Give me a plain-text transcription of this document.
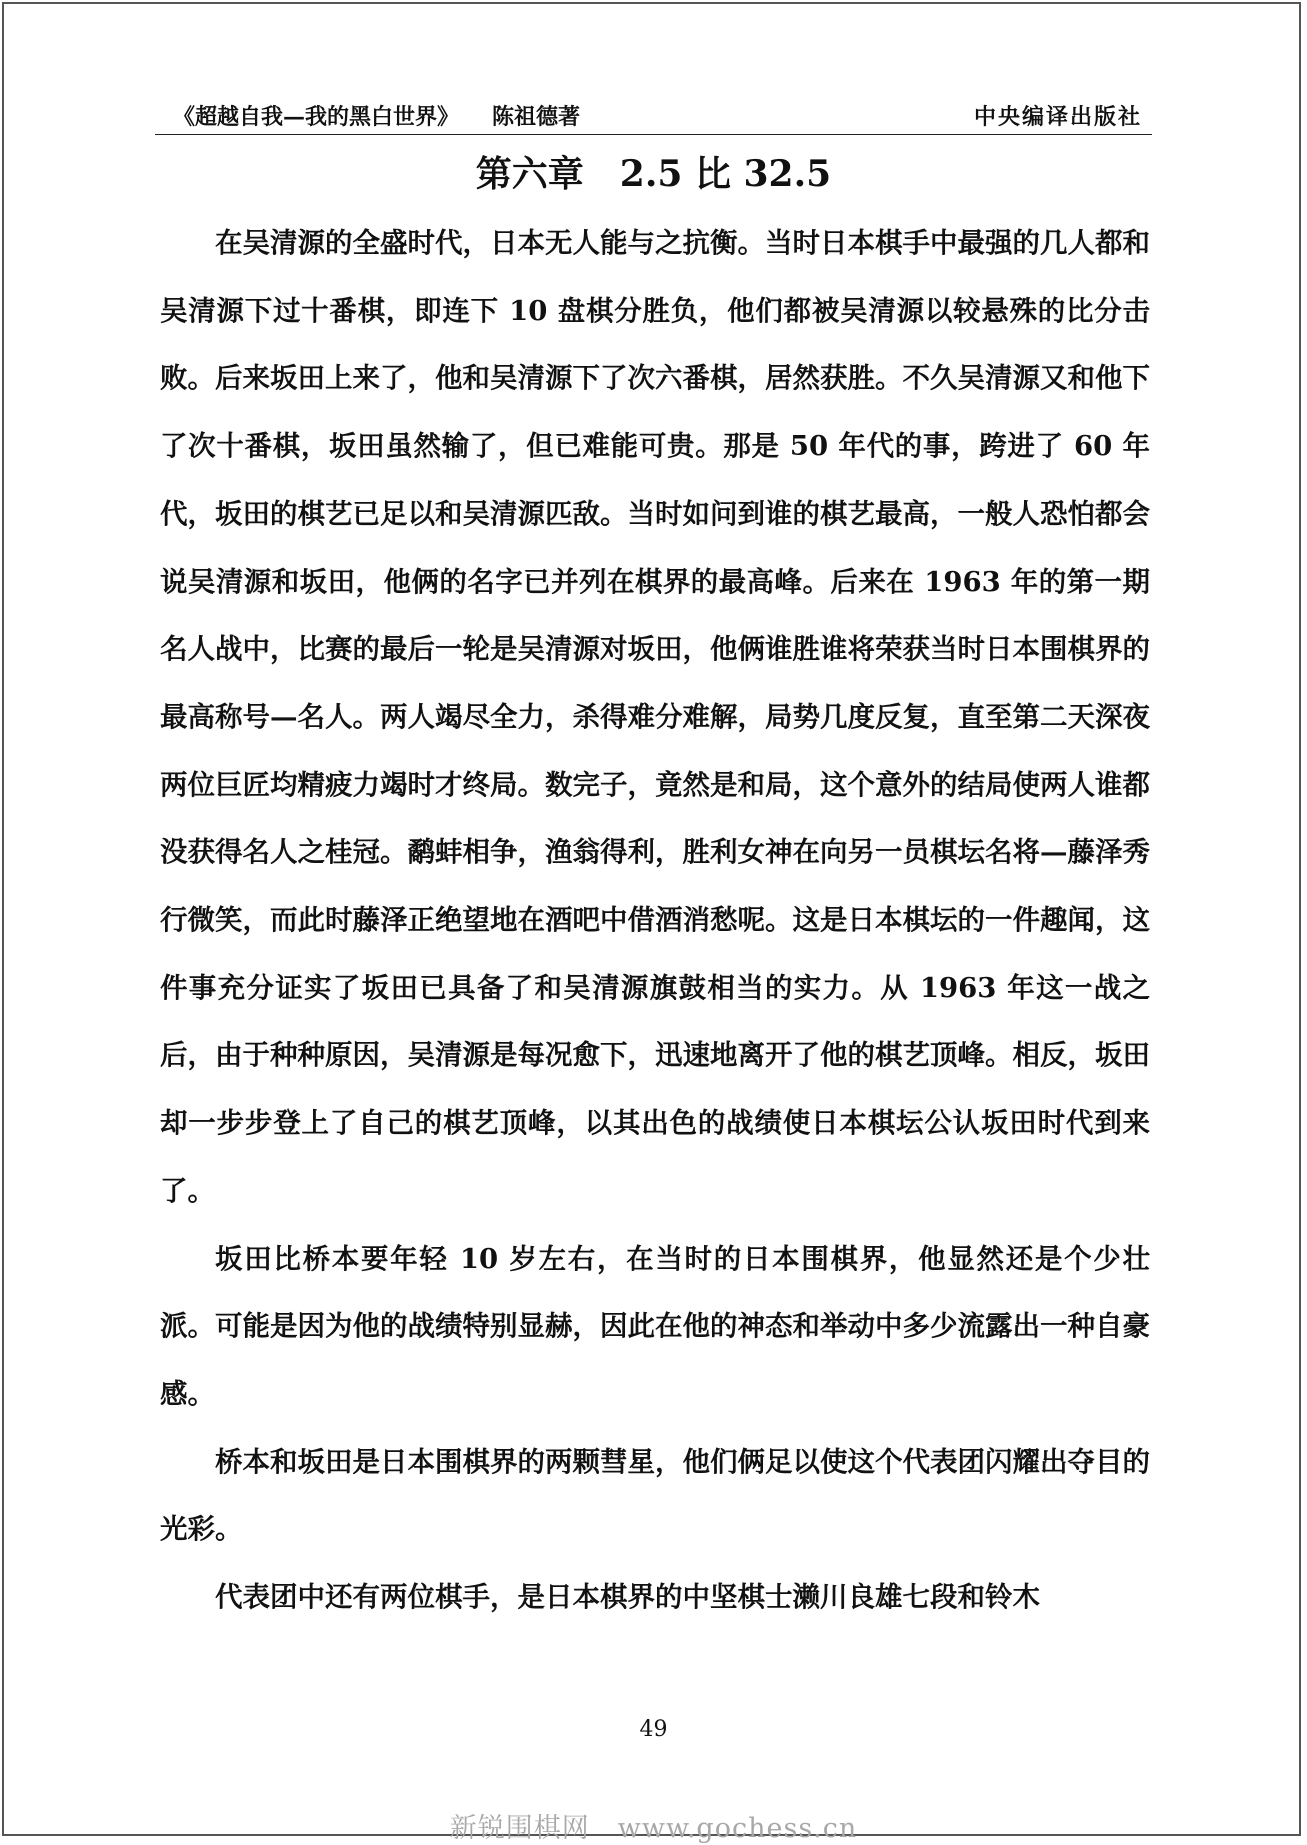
《超越自我—我的黑白世界》　　 陈祖德著	中央编译出版社
第六章　2.5 比 32.5

在吴清源的全盛时代，日本无人能与之抗衡。当时日本棋手中最强的几人都和吴清源下过十番棋，即连下 10 盘棋分胜负，他们都被吴清源以较悬殊的比分击败。后来坂田上来了，他和吴清源下了次六番棋，居然获胜。不久吴清源又和他下了次十番棋，坂田虽然输了，但已难能可贵。那是 50 年代的事，跨进了 60 年代，坂田的棋艺已足以和吴清源匹敌。当时如问到谁的棋艺最高，一般人恐怕都会说吴清源和坂田，他俩的名字已并列在棋界的最高峰。后来在 1963 年的第一期名人战中，比赛的最后一轮是吴清源对坂田，他俩谁胜谁将荣获当时日本围棋界的最高称号—名人。两人竭尽全力，杀得难分难解，局势几度反复，直至第二天深夜两位巨匠均精疲力竭时才终局。数完子，竟然是和局，这个意外的结局使两人谁都没获得名人之桂冠。鹬蚌相争，渔翁得利，胜利女神在向另一员棋坛名将—藤泽秀行微笑，而此时藤泽正绝望地在酒吧中借酒消愁呢。这是日本棋坛的一件趣闻，这件事充分证实了坂田已具备了和吴清源旗鼓相当的实力。从 1963 年这一战之后，由于种种原因，吴清源是每况愈下，迅速地离开了他的棋艺顶峰。相反，坂田却一步步登上了自己的棋艺顶峰，以其出色的战绩使日本棋坛公认坂田时代到来了。

坂田比桥本要年轻 10 岁左右，在当时的日本围棋界，他显然还是个少壮派。可能是因为他的战绩特别显赫，因此在他的神态和举动中多少流露出一种自豪感。

桥本和坂田是日本围棋界的两颗彗星，他们俩足以使这个代表团闪耀出夺目的光彩。

代表团中还有两位棋手，是日本棋界的中坚棋士濑川良雄七段和铃木

49
新锐围棋网　www.gochess.cn
